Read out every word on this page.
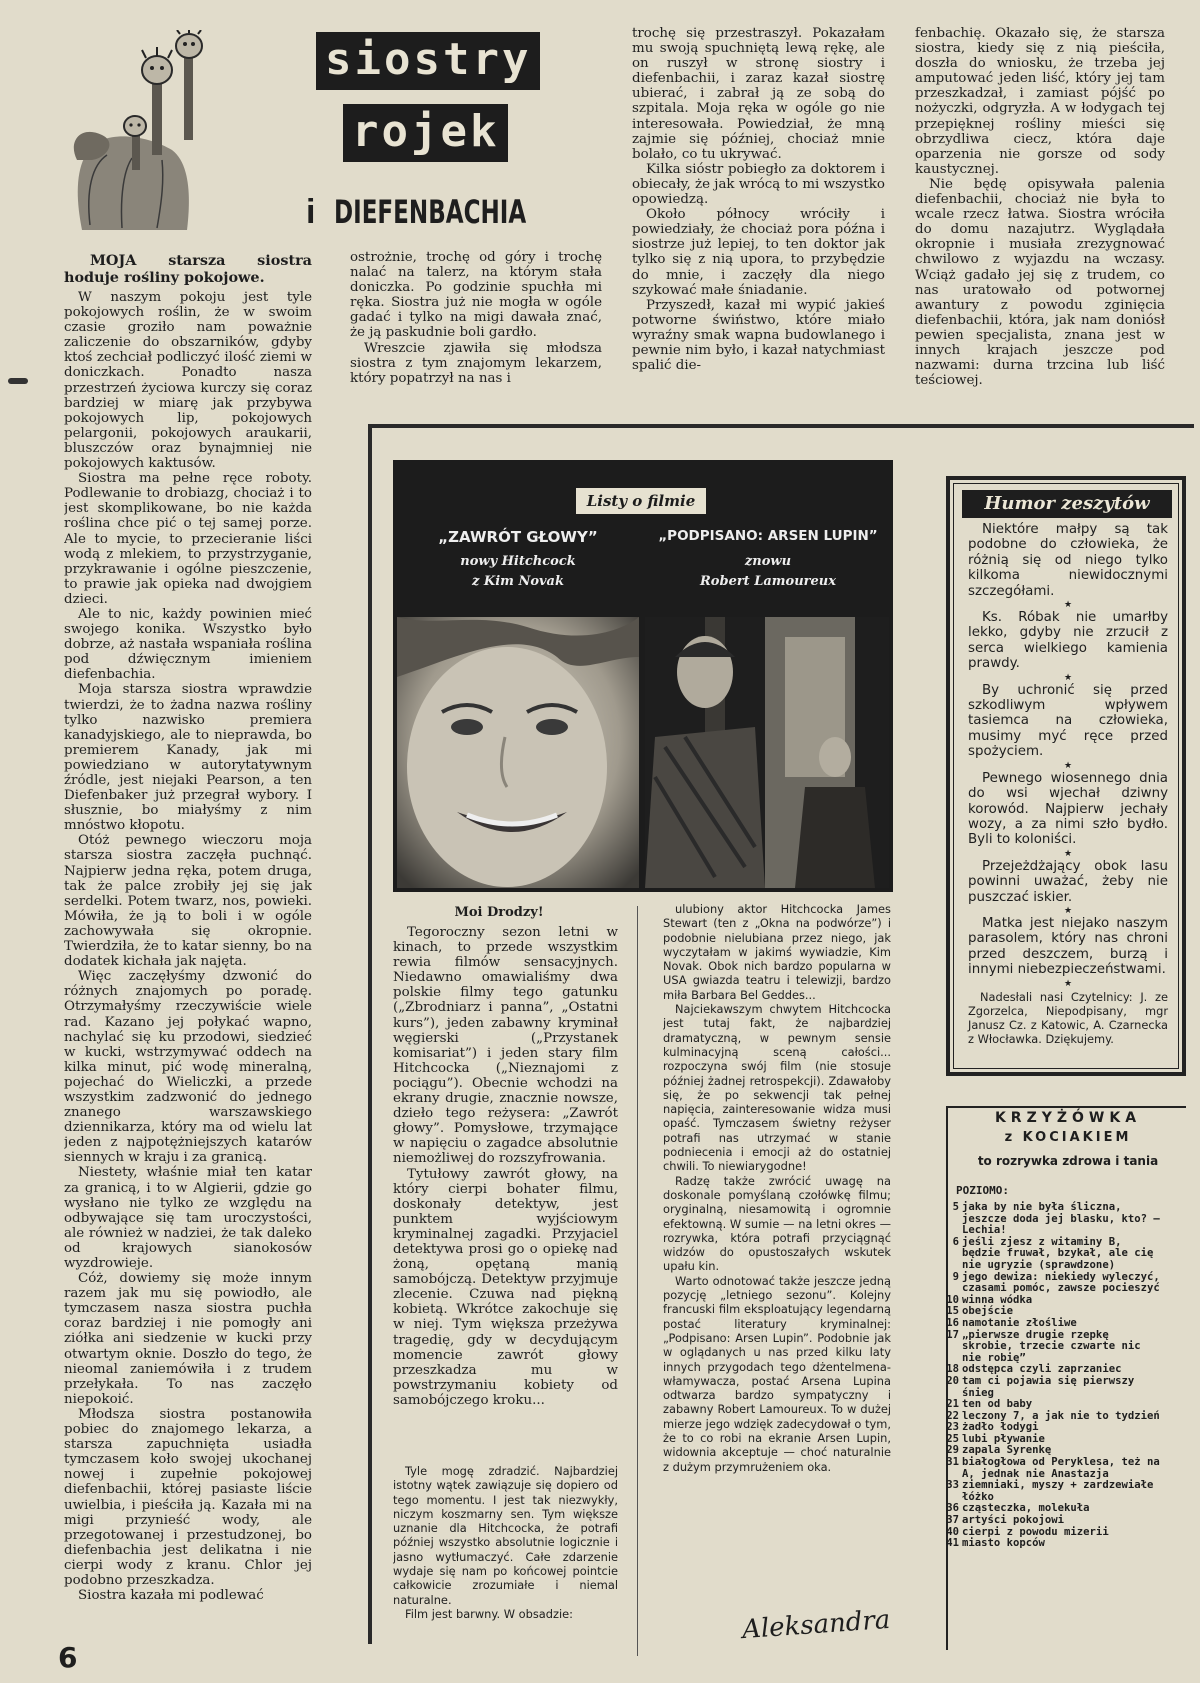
siostry
rojek
i DIEFENBACHIA
MOJA starsza siostra hoduje rośliny pokojowe.

W naszym pokoju jest tyle pokojowych roślin, że w swoim czasie groziło nam poważnie zaliczenie do obszarników, gdyby ktoś zechciał podliczyć ilość ziemi w doniczkach. Ponadto nasza przestrzeń życiowa kurczy się coraz bardziej w miarę jak przybywa pokojowych lip, pokojowych pelargonii, pokojowych araukarii, bluszczów oraz bynajmniej nie pokojowych kaktusów.

Siostra ma pełne ręce roboty. Podlewanie to drobiazg, chociaż i to jest skomplikowane, bo nie każda roślina chce pić o tej samej porze. Ale to mycie, to przecieranie liści wodą z mlekiem, to przystrzyganie, przykrawanie i ogólne pieszczenie, to prawie jak opieka nad dwojgiem dzieci.

Ale to nic, każdy powinien mieć swojego konika. Wszystko było dobrze, aż nastała wspaniała roślina pod dźwięcznym imieniem diefenbachia.

Moja starsza siostra wprawdzie twierdzi, że to żadna nazwa rośliny tylko nazwisko premiera kanadyjskiego, ale to nieprawda, bo premierem Kanady, jak mi powiedziano w autorytatywnym źródle, jest niejaki Pearson, a ten Diefenbaker już przegrał wybory. I słusznie, bo miałyśmy z nim mnóstwo kłopotu.

Otóż pewnego wieczoru moja starsza siostra zaczęła puchnąć. Najpierw jedna ręka, potem druga, tak że palce zrobiły jej się jak serdelki. Potem twarz, nos, powieki. Mówiła, że ją to boli i w ogóle zachowywała się okropnie. Twierdziła, że to katar sienny, bo na dodatek kichała jak najęta.

Więc zaczęłyśmy dzwonić do różnych znajomych po poradę. Otrzymałyśmy rzeczywiście wiele rad. Kazano jej połykać wapno, nachylać się ku przodowi, siedzieć w kucki, wstrzymywać oddech na kilka minut, pić wodę mineralną, pojechać do Wieliczki, a przede wszystkim zadzwonić do jednego znanego warszawskiego dziennikarza, który ma od wielu lat jeden z najpotężniejszych katarów siennych w kraju i za granicą.

Niestety, właśnie miał ten katar za granicą, i to w Algierii, gdzie go wysłano nie tylko ze względu na odbywające się tam uroczystości, ale również w nadziei, że tak daleko od krajowych sianokosów wyzdrowieje.

Cóż, dowiemy się może innym razem jak mu się powiodło, ale tymczasem nasza siostra puchła coraz bardziej i nie pomogły ani ziółka ani siedzenie w kucki przy otwartym oknie. Doszło do tego, że nieomal zaniemówiła i z trudem przełykała. To nas zaczęło niepokoić.

Młodsza siostra postanowiła pobiec do znajomego lekarza, a starsza zapuchnięta usiadła tymczasem koło swojej ukochanej nowej i zupełnie pokojowej diefenbachii, której pasiaste liście uwielbia, i pieściła ją. Kazała mi na migi przynieść wody, ale przegotowanej i przestudzonej, bo diefenbachia jest delikatna i nie cierpi wody z kranu. Chlor jej podobno przeszkadza.

Siostra kazała mi podlewać

ostrożnie, trochę od góry i trochę nalać na talerz, na którym stała doniczka. Po godzinie spuchła mi ręka. Siostra już nie mogła w ogóle gadać i tylko na migi dawała znać, że ją paskudnie boli gardło.

Wreszcie zjawiła się młodsza siostra z tym znajomym lekarzem, który popatrzył na nas i

trochę się przestraszył. Pokazałam mu swoją spuchniętą lewą rękę, ale on ruszył w stronę siostry i diefenbachii, i zaraz kazał siostrę ubierać, i zabrał ją ze sobą do szpitala. Moja ręka w ogóle go nie interesowała. Powiedział, że mną zajmie się później, chociaż mnie bolało, co tu ukrywać.

Kilka sióstr pobiegło za doktorem i obiecały, że jak wrócą to mi wszystko opowiedzą.

Około północy wróciły i powiedziały, że chociaż pora późna i siostrze już lepiej, to ten doktor jak tylko się z nią upora, to przybędzie do mnie, i zaczęły dla niego szykować małe śniadanie.

Przyszedł, kazał mi wypić jakieś potworne świństwo, które miało wyraźny smak wapna budowlanego i pewnie nim było, i kazał natychmiast spalić die-

fenbachię. Okazało się, że starsza siostra, kiedy się z nią pieściła, doszła do wniosku, że trzeba jej amputować jeden liść, który jej tam przeszkadzał, i zamiast pójść po nożyczki, odgryzła. A w łodygach tej przepięknej rośliny mieści się obrzydliwa ciecz, która daje oparzenia nie gorsze od sody kaustycznej.

Nie będę opisywała palenia diefenbachii, chociaż nie była to wcale rzecz łatwa. Siostra wróciła do domu nazajutrz. Wyglądała okropnie i musiała zrezygnować chwilowo z wyjazdu na wczasy. Wciąż gadało jej się z trudem, co nas uratowało od potwornej awantury z powodu zginięcia diefenbachii, która, jak nam doniósł pewien specjalista, znana jest w innych krajach jeszcze pod nazwami: durna trzcina lub liść teściowej.

Listy o filmie
„ZAWRÓT GŁOWY”
nowy Hitchcock
z Kim Novak
„PODPISANO: ARSEN LUPIN”
znowu
Robert Lamoureux
Moi Drodzy!

Tegoroczny sezon letni w kinach, to przede wszystkim rewia filmów sensacyjnych. Niedawno omawialiśmy dwa polskie filmy tego gatunku („Zbrodniarz i panna”, „Ostatni kurs”), jeden zabawny kryminał węgierski („Przystanek komisariat”) i jeden stary film Hitchcocka („Nieznajomi z pociągu”). Obecnie wchodzi na ekrany drugie, znacznie nowsze, dzieło tego reżysera: „Zawrót głowy”. Pomysłowe, trzymające w napięciu o zagadce absolutnie niemożliwej do rozszyfrowania.

Tytułowy zawrót głowy, na który cierpi bohater filmu, doskonały detektyw, jest punktem wyjściowym kryminalnej zagadki. Przyjaciel detektywa prosi go o opiekę nad żoną, opętaną manią samobójczą. Detektyw przyjmuje zlecenie. Czuwa nad piękną kobietą. Wkrótce zakochuje się w niej. Tym większa przeżywa tragedię, gdy w decydującym momencie zawrót głowy przeszkadza mu w powstrzymaniu kobiety od samobójczego kroku...

Tyle mogę zdradzić. Najbardziej istotny wątek zawiązuje się dopiero od tego momentu. I jest tak niezwykły, niczym koszmarny sen. Tym większe uznanie dla Hitchcocka, że potrafi później wszystko absolutnie logicznie i jasno wytłumaczyć. Całe zdarzenie wydaje się nam po końcowej pointcie całkowicie zrozumiałe i niemal naturalne.

Film jest barwny. W obsadzie:

ulubiony aktor Hitchcocka James Stewart (ten z „Okna na podwórze”) i podobnie nielubiana przez niego, jak wyczytałam w jakimś wywiadzie, Kim Novak. Obok nich bardzo popularna w USA gwiazda teatru i telewizji, bardzo miła Barbara Bel Geddes...

Najciekawszym chwytem Hitchcocka jest tutaj fakt, że najbardziej dramatyczną, w pewnym sensie kulminacyjną sceną całości... rozpoczyna swój film (nie stosuje później żadnej retrospekcji). Zdawałoby się, że po sekwencji tak pełnej napięcia, zainteresowanie widza musi opaść. Tymczasem świetny reżyser potrafi nas utrzymać w stanie podniecenia i emocji aż do ostatniej chwili. To niewiarygodne!

Radzę także zwrócić uwagę na doskonale pomyślaną czołówkę filmu; oryginalną, niesamowitą i ogromnie efektowną. W sumie — na letni okres — rozrywka, która potrafi przyciągnąć widzów do opustoszałych wskutek upału kin.

Warto odnotować także jeszcze jedną pozycję „letniego sezonu”. Kolejny francuski film eksploatujący legendarną postać literatury kryminalnej: „Podpisano: Arsen Lupin”. Podobnie jak w oglądanych u nas przed kilku laty innych przygodach tego dżentelmena-włamywacza, postać Arsena Lupina odtwarza bardzo sympatyczny i zabawny Robert Lamoureux. To w dużej mierze jego wdzięk zadecydował o tym, że to co robi na ekranie Arsen Lupin, widownia akceptuje — choć naturalnie z dużym przymrużeniem oka.

Aleksandra
Humor zeszytów

Niektóre małpy są tak podobne do człowieka, że różnią się od niego tylko kilkoma niewidocznymi szczegółami.

★

Ks. Róbak nie umarłby lekko, gdyby nie zrzucił z serca wielkiego kamienia prawdy.

★

By uchronić się przed szkodliwym wpływem tasiemca na człowieka, musimy myć ręce przed spożyciem.

★

Pewnego wiosennego dnia do wsi wjechał dziwny korowód. Najpierw jechały wozy, a za nimi szło bydło. Byli to koloniści.

★

Przejeżdżający obok lasu powinni uważać, żeby nie puszczać iskier.

★

Matka jest niejako naszym parasolem, który nas chroni przed deszczem, burzą i innymi niebezpieczeństwami.

★
Nadesłali nasi Czytelnicy: J. ze Zgorzelca, Niepodpisany, mgr Janusz Cz. z Katowic, A. Czarnecka z Włocławka. Dziękujemy.
KRZYŻÓWKA
z KOCIAKIEM
to rozrywka zdrowa i tania
POZIOMO:
5 jaka by nie była śliczna, jeszcze doda jej blasku, kto? — Lechia!
6 jeśli zjesz z witaminy B, będzie fruwał, bzykał, ale cię nie ugryzie (sprawdzone)
9 jego dewiza: niekiedy wyleczyć, czasami pomóc, zawsze pocieszyć
10 winna wódka
15 obejście
16 namotanie złośliwe
17 „pierwsze drugie rzepkę skrobie, trzecie czwarte nic nie robię”
18 odstępca czyli zaprzaniec
20 tam ci pojawia się pierwszy śnieg
21 ten od baby
22 leczony 7, a jak nie to tydzień
23 żadło łodygi
25 lubi pływanie
29 zapala Syrenkę
31 białogłowa od Peryklesa, też na A, jednak nie Anastazja
33 ziemniaki, myszy + zardzewiałe łóżko
36 cząsteczka, molekuła
37 artyści pokojowi
40 cierpi z powodu mizerii
41 miasto kopców
6
